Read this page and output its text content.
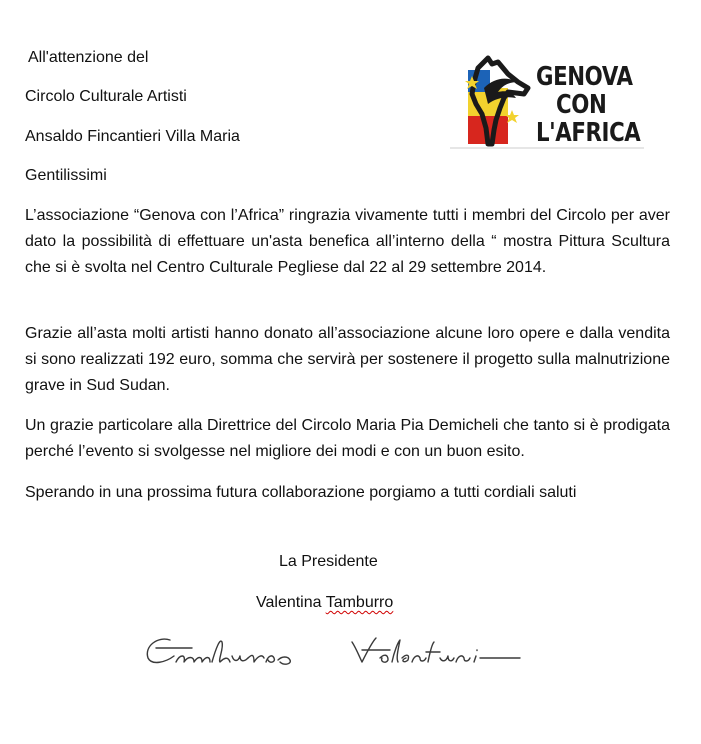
All'attenzione del
Circolo Culturale Artisti
Ansaldo Fincantieri Villa Maria
Gentilissimi
GENOVA
CON
L'AFRICA
L’associazione “Genova con l’Africa” ringrazia vivamente tutti i membri del Circolo per aver dato la possibilità di effettuare un'asta benefica all’interno della “ mostra Pittura Scultura che si è svolta nel Centro Culturale Pegliese dal 22 al 29 settembre 2014.
Grazie all’asta molti artisti hanno donato all’associazione alcune loro opere e dalla vendita si sono realizzati 192 euro, somma che servirà per sostenere il progetto sulla malnutrizione grave in Sud Sudan.
Un grazie particolare alla Direttrice del Circolo Maria Pia Demicheli che tanto si è prodigata perché l’evento si svolgesse nel migliore dei modi e con un buon esito.
Sperando in una prossima futura collaborazione porgiamo a tutti cordiali saluti
La Presidente
Valentina Tamburro
